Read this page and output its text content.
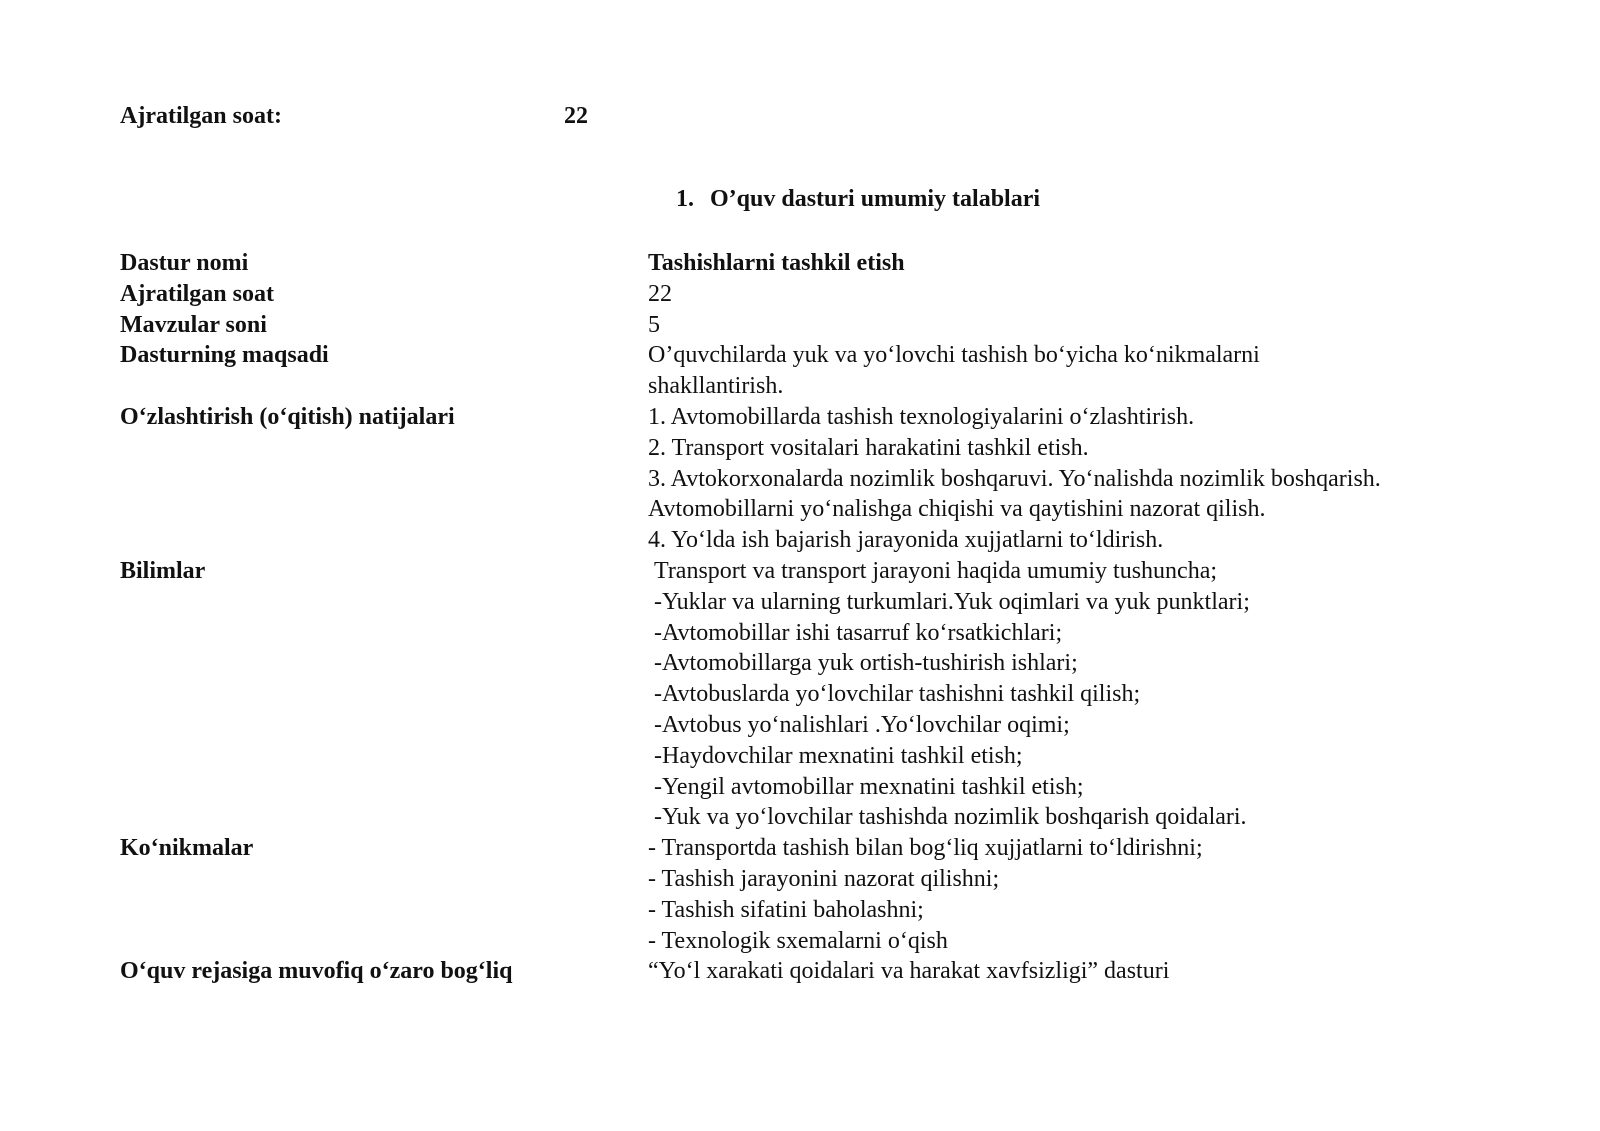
Ajratilgan soat:	22
1. O’quv dasturi umumiy talablari
Dastur nomi	Tashishlarni tashkil etish
Ajratilgan soat	22
Mavzular soni	5
Dasturning maqsadi	O’quvchilarda yuk va yo‘lovchi tashish bo‘yicha ko‘nikmalarni
shakllantirish.
O‘zlashtirish (o‘qitish) natijalari	1. Avtomobillarda tashish texnologiyalarini o‘zlashtirish.
2. Transport vositalari harakatini tashkil etish.
3. Avtokorxonalarda nozimlik boshqaruvi. Yo‘nalishda nozimlik boshqarish.
Avtomobillarni yo‘nalishga chiqishi va qaytishini nazorat qilish.
4. Yo‘lda ish bajarish jarayonida xujjatlarni to‘ldirish.
Bilimlar	Transport va transport jarayoni haqida umumiy tushuncha;
-Yuklar va ularning turkumlari.Yuk oqimlari va yuk punktlari;
-Avtomobillar ishi tasarruf ko‘rsatkichlari;
-Avtomobillarga yuk ortish-tushirish ishlari;
-Avtobuslarda yo‘lovchilar tashishni tashkil qilish;
-Avtobus yo‘nalishlari .Yo‘lovchilar oqimi;
-Haydovchilar mexnatini tashkil etish;
-Yengil avtomobillar mexnatini tashkil etish;
-Yuk va yo‘lovchilar tashishda nozimlik boshqarish qoidalari.
Ko‘nikmalar	- Transportda tashish bilan bog‘liq xujjatlarni to‘ldirishni;
- Tashish jarayonini nazorat qilishni;
- Tashish sifatini baholashni;
- Texnologik sxemalarni o‘qish
O‘quv rejasiga muvofiq o‘zaro bog‘liq	“Yo‘l xarakati qoidalari va harakat xavfsizligi” dasturi
